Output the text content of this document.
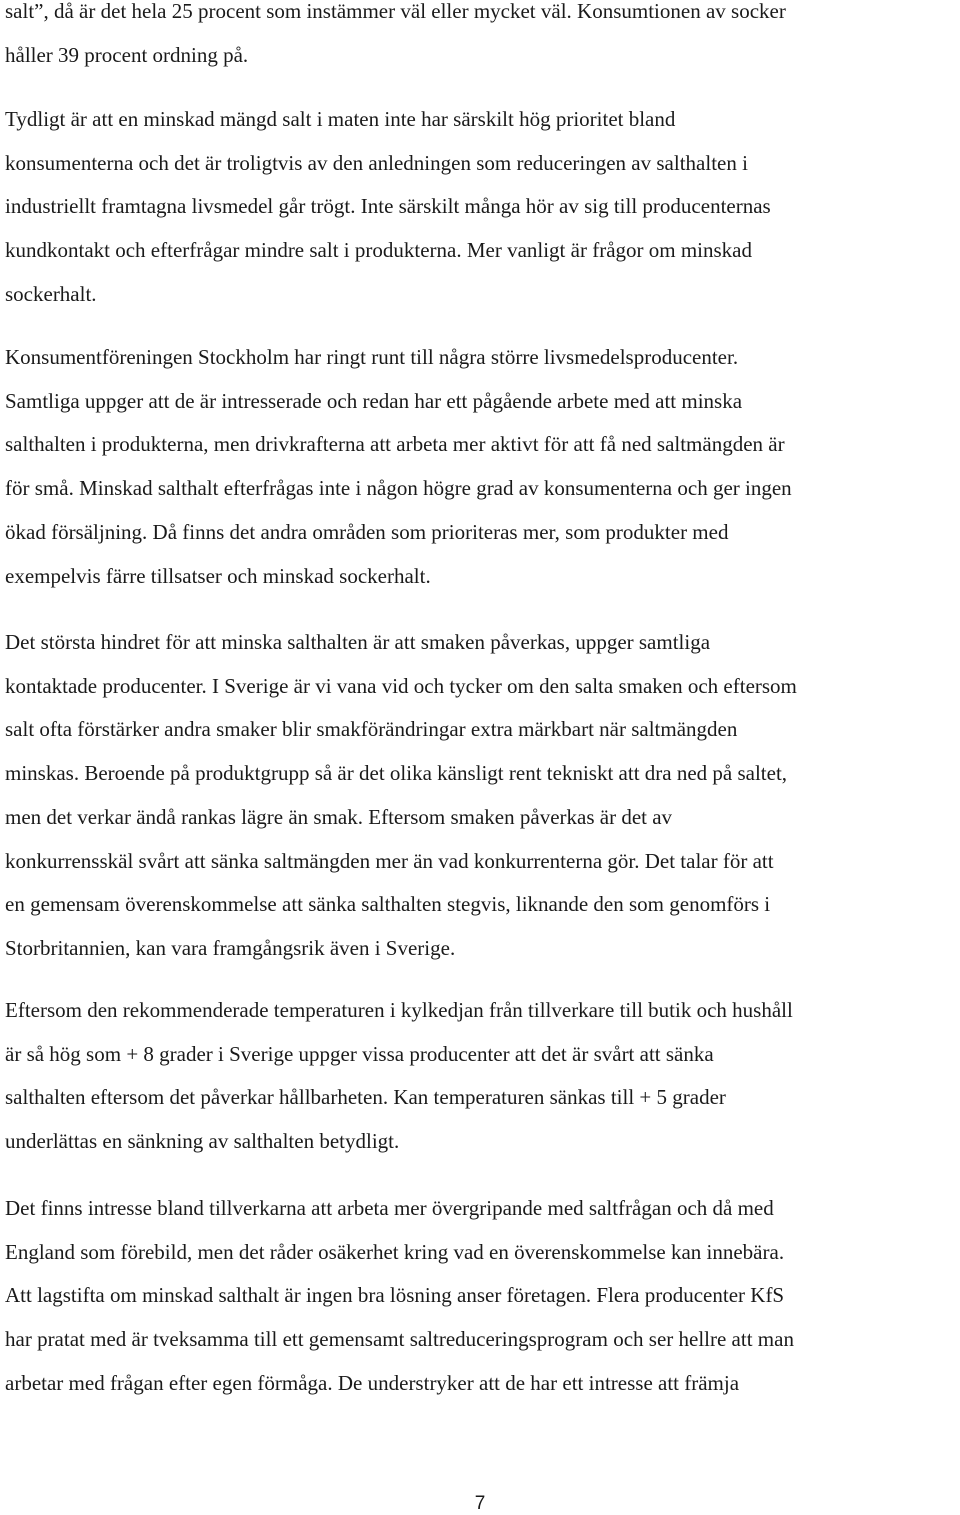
salt”, då är det hela 25 procent som instämmer väl eller mycket väl. Konsumtionen av socker
håller 39 procent ordning på.
Tydligt är att en minskad mängd salt i maten inte har särskilt hög prioritet bland
konsumenterna och det är troligtvis av den anledningen som reduceringen av salthalten i
industriellt framtagna livsmedel går trögt. Inte särskilt många hör av sig till producenternas
kundkontakt och efterfrågar mindre salt i produkterna. Mer vanligt är frågor om minskad
sockerhalt.
Konsumentföreningen Stockholm har ringt runt till några större livsmedelsproducenter.
Samtliga uppger att de är intresserade och redan har ett pågående arbete med att minska
salthalten i produkterna, men drivkrafterna att arbeta mer aktivt för att få ned saltmängden är
för små. Minskad salthalt efterfrågas inte i någon högre grad av konsumenterna och ger ingen
ökad försäljning. Då finns det andra områden som prioriteras mer, som produkter med
exempelvis färre tillsatser och minskad sockerhalt.
Det största hindret för att minska salthalten är att smaken påverkas, uppger samtliga
kontaktade producenter. I Sverige är vi vana vid och tycker om den salta smaken och eftersom
salt ofta förstärker andra smaker blir smakförändringar extra märkbart när saltmängden
minskas. Beroende på produktgrupp så är det olika känsligt rent tekniskt att dra ned på saltet,
men det verkar ändå rankas lägre än smak. Eftersom smaken påverkas är det av
konkurrensskäl svårt att sänka saltmängden mer än vad konkurrenterna gör. Det talar för att
en gemensam överenskommelse att sänka salthalten stegvis, liknande den som genomförs i
Storbritannien, kan vara framgångsrik även i Sverige.
Eftersom den rekommenderade temperaturen i kylkedjan från tillverkare till butik och hushåll
är så hög som + 8 grader i Sverige uppger vissa producenter att det är svårt att sänka
salthalten eftersom det påverkar hållbarheten. Kan temperaturen sänkas till + 5 grader
underlättas en sänkning av salthalten betydligt.
Det finns intresse bland tillverkarna att arbeta mer övergripande med saltfrågan och då med
England som förebild, men det råder osäkerhet kring vad en överenskommelse kan innebära.
Att lagstifta om minskad salthalt är ingen bra lösning anser företagen. Flera producenter KfS
har pratat med är tveksamma till ett gemensamt saltreduceringsprogram och ser hellre att man
arbetar med frågan efter egen förmåga. De understryker att de har ett intresse att främja
7
